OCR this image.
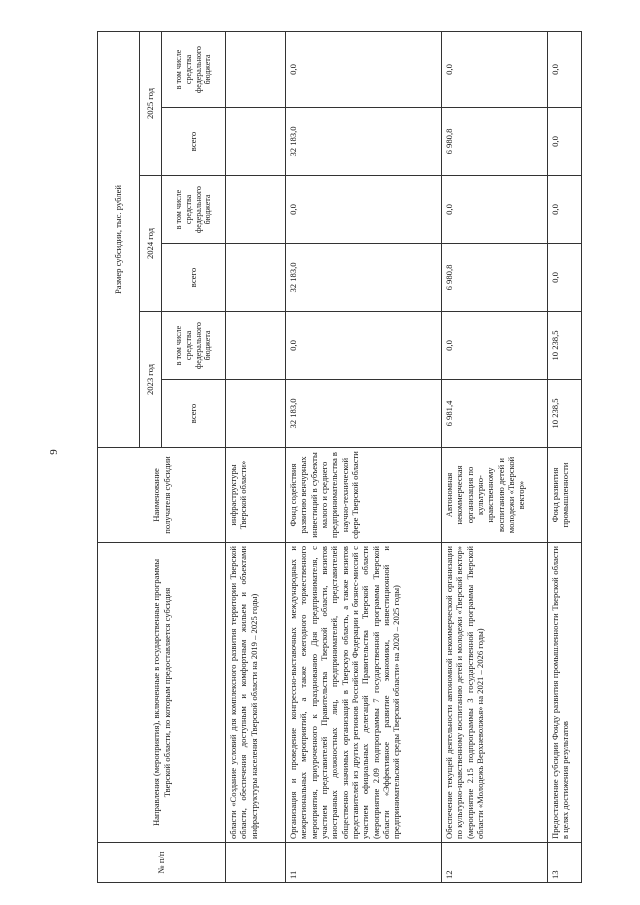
9
№ п/п	Направления (мероприятия), включенные в государственные программы Тверской области, по которым предоставляется субсидия	Наименование получателя субсидии	Размер субсидии, тыс. рублей					
			2023 год		2024 год		2025 год	
			всего	в том числе средства федерального бюджета	всего	в том числе средства федерального бюджета	всего	в том числе средства федерального бюджета
	области «Создание условий для комплексного развития территории Тверской области, обеспечения доступным и комфортным жильем и объектами инфраструктуры населения Тверской области на 2019 – 2025 годы)	инфраструктуры Тверской области»						
11	Организация и проведение конгрессно-выставочных международных и межрегиональных мероприятий, а также ежегодного торжественного мероприятия, приуроченного к празднованию Дня предпринимателя, с участием представителей Правительства Тверской области, визитов иностранных должностных лиц, предпринимателей, представителей общественно значимых организаций в Тверскую область, а также визитов представителей из других регионов Российской Федерации и бизнес-миссий с участием официальных делегаций Правительства Тверской области (мероприятие 2.09 подпрограммы 7 государственной программы Тверской области «Эффективное развитие экономики, инвестиционной и предпринимательской среды Тверской области» на 2020 – 2025 годы)	Фонд содействия развитию венчурных инвестиций в субъекты малого и среднего предпринимательства в научно-технической сфере Тверской области	32 183,0	0,0	32 183,0	0,0	32 183,0	0,0
12	Обеспечение текущей деятельности автономной некоммерческой организации по культурно-нравственному воспитанию детей и молодежи «Тверской вектор» (мероприятие 2.15 подпрограммы 3 государственной программы Тверской области «Молодежь Верхневолжья» на 2021 – 2026 годы)	Автономная некоммерческая организация по культурно-нравственному воспитанию детей и молодежи «Тверской вектор»	6 981,4	0,0	6 980,8	0,0	6 980,8	0,0
13	Предоставление субсидии Фонду развития промышленности Тверской области в целях достижения результатов	Фонд развития промышленности	10 238,5	10 238,5	0,0	0,0	0,0	0,0
